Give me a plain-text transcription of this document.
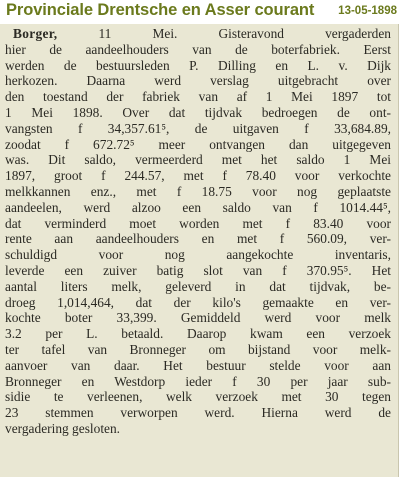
Provinciale Drentsche en Asser courant 13-05-1898
Borger, 11 Mei. Gisteravond vergaderden
hier de aandeelhouders van de boterfabriek. Eerst
werden de bestuursleden P. Dilling en L. v. Dijk
herkozen. Daarna werd verslag uitgebracht over
den toestand der fabriek van af 1 Mei 1897 tot
1 Mei 1898. Over dat tijdvak bedroegen de ont-
vangsten f 34,357.61⁵, de uitgaven f 33,684.89,
zoodat f 672.72⁵ meer ontvangen dan uitgegeven
was. Dit saldo, vermeerderd met het saldo 1 Mei
1897, groot f 244.57, met f 78.40 voor verkochte
melkkannen enz., met f 18.75 voor nog geplaatste
aandeelen, werd alzoo een saldo van f 1014.44⁵,
dat verminderd moet worden met f 83.40 voor
rente aan aandeelhouders en met f 560.09, ver-
schuldigd voor nog aangekochte inventaris,
leverde een zuiver batig slot van f 370.95⁵. Het
aantal liters melk, geleverd in dat tijdvak, be-
droeg 1,014,464, dat der kilo's gemaakte en ver-
kochte boter 33,399. Gemiddeld werd voor melk
3.2 per L. betaald. Daarop kwam een verzoek
ter tafel van Bronneger om bijstand voor melk-
aanvoer van daar. Het bestuur stelde voor aan
Bronneger en Westdorp ieder f 30 per jaar sub-
sidie te verleenen, welk verzoek met 30 tegen
23 stemmen verworpen werd. Hierna werd de
vergadering gesloten.
